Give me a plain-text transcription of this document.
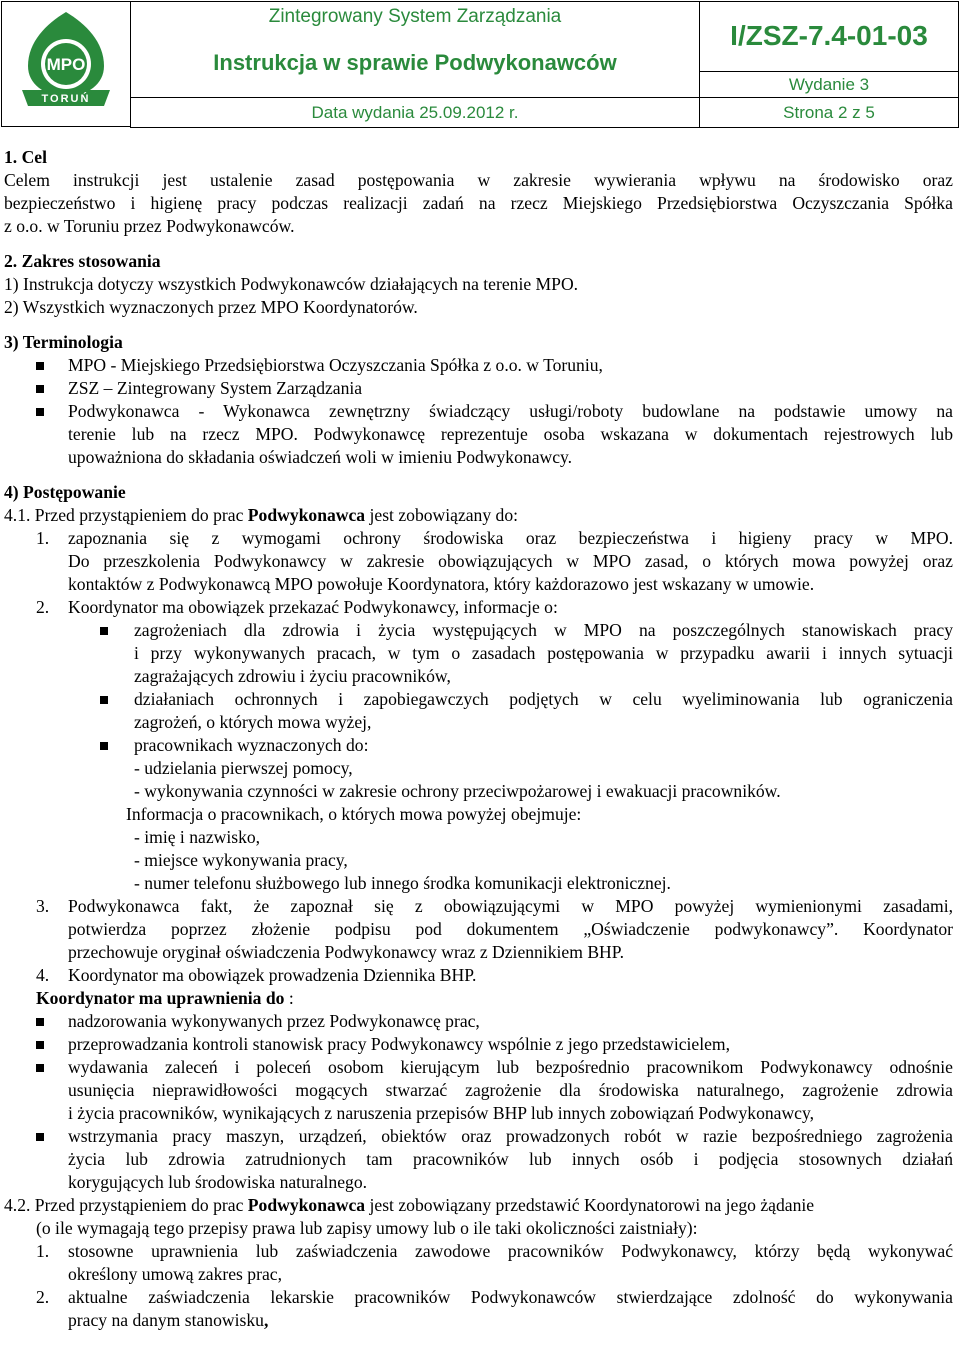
MPO
TORUŃ
Zintegrowany System Zarządzania
Instrukcja w sprawie Podwykonawców
I/ZSZ-7.4-01-03
Wydanie 3
Data wydania 25.09.2012 r.	Strona 2 z 5
1. Cel
Celem instrukcji jest ustalenie zasad postępowania w zakresie wywierania wpływu na środowisko oraz
bezpieczeństwo i higienę pracy podczas realizacji zadań na rzecz Miejskiego Przedsiębiorstwa Oczyszczania Spółka
z o.o. w Toruniu przez Podwykonawców.
2. Zakres stosowania
1) Instrukcja dotyczy wszystkich Podwykonawców działających na terenie MPO.
2) Wszystkich wyznaczonych przez MPO Koordynatorów.
3) Terminologia
MPO - Miejskiego Przedsiębiorstwa Oczyszczania Spółka z o.o. w Toruniu,
ZSZ – Zintegrowany System Zarządzania
Podwykonawca - Wykonawca zewnętrzny świadczący usługi/roboty budowlane na podstawie umowy na
terenie lub na rzecz MPO. Podwykonawcę reprezentuje osoba wskazana w dokumentach rejestrowych lub
upoważniona do składania oświadczeń woli w imieniu Podwykonawcy.
4) Postępowanie
4.1. Przed przystąpieniem do prac Podwykonawca jest zobowiązany do:
1. zapoznania się z wymogami ochrony środowiska oraz bezpieczeństwa i higieny pracy w MPO.
Do przeszkolenia Podwykonawcy w zakresie obowiązujących w MPO zasad, o których mowa powyżej oraz
kontaktów z Podwykonawcą MPO powołuje Koordynatora, który każdorazowo jest wskazany w umowie.
2. Koordynator ma obowiązek przekazać Podwykonawcy, informacje o:
zagrożeniach dla zdrowia i życia występujących w MPO na poszczególnych stanowiskach pracy
i przy wykonywanych pracach, w tym o zasadach postępowania w przypadku awarii i innych sytuacji
zagrażających zdrowiu i życiu pracowników,
działaniach ochronnych i zapobiegawczych podjętych w celu wyeliminowania lub ograniczenia
zagrożeń, o których mowa wyżej,
pracownikach wyznaczonych do:
- udzielania pierwszej pomocy,
- wykonywania czynności w zakresie ochrony przeciwpożarowej i ewakuacji pracowników.
Informacja o pracownikach, o których mowa powyżej obejmuje:
- imię i nazwisko,
- miejsce wykonywania pracy,
- numer telefonu służbowego lub innego środka komunikacji elektronicznej.
3. Podwykonawca fakt, że zapoznał się z obowiązującymi w MPO powyżej wymienionymi zasadami,
potwierdza poprzez złożenie podpisu pod dokumentem „Oświadczenie podwykonawcy”. Koordynator
przechowuje oryginał oświadczenia Podwykonawcy wraz z Dziennikiem BHP.
4. Koordynator ma obowiązek prowadzenia Dziennika BHP.
Koordynator ma uprawnienia do :
nadzorowania wykonywanych przez Podwykonawcę prac,
przeprowadzania kontroli stanowisk pracy Podwykonawcy wspólnie z jego przedstawicielem,
wydawania zaleceń i poleceń osobom kierującym lub bezpośrednio pracownikom Podwykonawcy odnośnie
usunięcia nieprawidłowości mogących stwarzać zagrożenie dla środowiska naturalnego, zagrożenie zdrowia
i życia pracowników, wynikających z naruszenia przepisów BHP lub innych zobowiązań Podwykonawcy,
wstrzymania pracy maszyn, urządzeń, obiektów oraz prowadzonych robót w razie bezpośredniego zagrożenia
życia lub zdrowia zatrudnionych tam pracowników lub innych osób i podjęcia stosownych działań
korygujących lub środowiska naturalnego.
4.2. Przed przystąpieniem do prac Podwykonawca jest zobowiązany przedstawić Koordynatorowi na jego żądanie
(o ile wymagają tego przepisy prawa lub zapisy umowy lub o ile taki okoliczności zaistniały):
1. stosowne uprawnienia lub zaświadczenia zawodowe pracowników Podwykonawcy, którzy będą wykonywać
określony umową zakres prac,
2. aktualne zaświadczenia lekarskie pracowników Podwykonawców stwierdzające zdolność do wykonywania
pracy na danym stanowisku,
